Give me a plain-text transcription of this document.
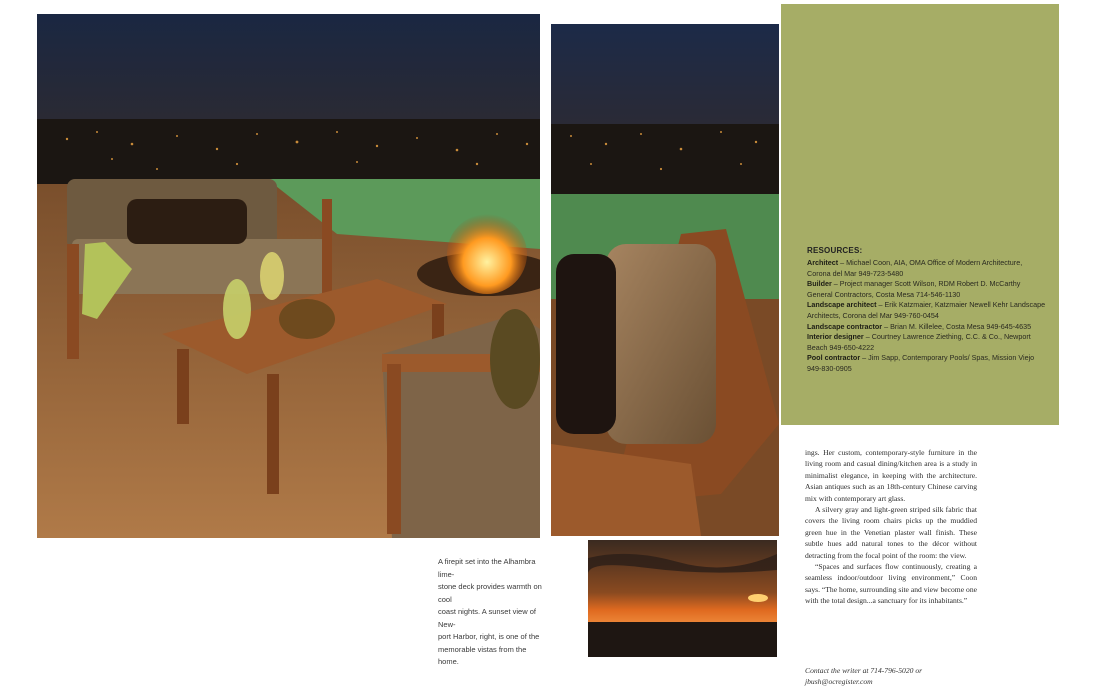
A firepit set into the Alhambra lime-
stone deck provides warmth on cool
coast nights. A sunset view of New-
port Harbor, right, is one of the
memorable vistas from the home.
RESOURCES:
Architect – Michael Coon, AIA, OMA Office of Modern Architecture, Corona del Mar 949-723-5480
Builder – Project manager Scott Wilson, RDM Robert D. McCarthy General Contractors, Costa Mesa 714-546-1130
Landscape architect – Erik Katzmaier, Katzmaier Newell Kehr Landscape Architects, Corona del Mar 949-760-0454
Landscape contractor – Brian M. Killelee, Costa Mesa 949-645-4635
Interior designer – Courtney Lawrence Ziething, C.C. & Co., Newport Beach 949-650-4222
Pool contractor – Jim Sapp, Contemporary Pools/ Spas, Mission Viejo 949-830-0905

ings. Her custom, contemporary-style furniture in the living room and casual dining/kitchen area is a study in minimalist elegance, in keeping with the architecture. Asian antiques such as an 18th-century Chinese carving mix with contemporary art glass.

A silvery gray and light-green striped silk fabric that covers the living room chairs picks up the muddied green hue in the Venetian plaster wall finish. These subtle hues add natural tones to the décor without detracting from the focal point of the room: the view.

“Spaces and surfaces flow continuously, creating a seamless indoor/outdoor living environment,” Coon says. “The home, surrounding site and view become one with the total design...a sanctuary for its inhabitants.”

Contact the writer at 714-796-5020 or
jbush@ocregister.com
